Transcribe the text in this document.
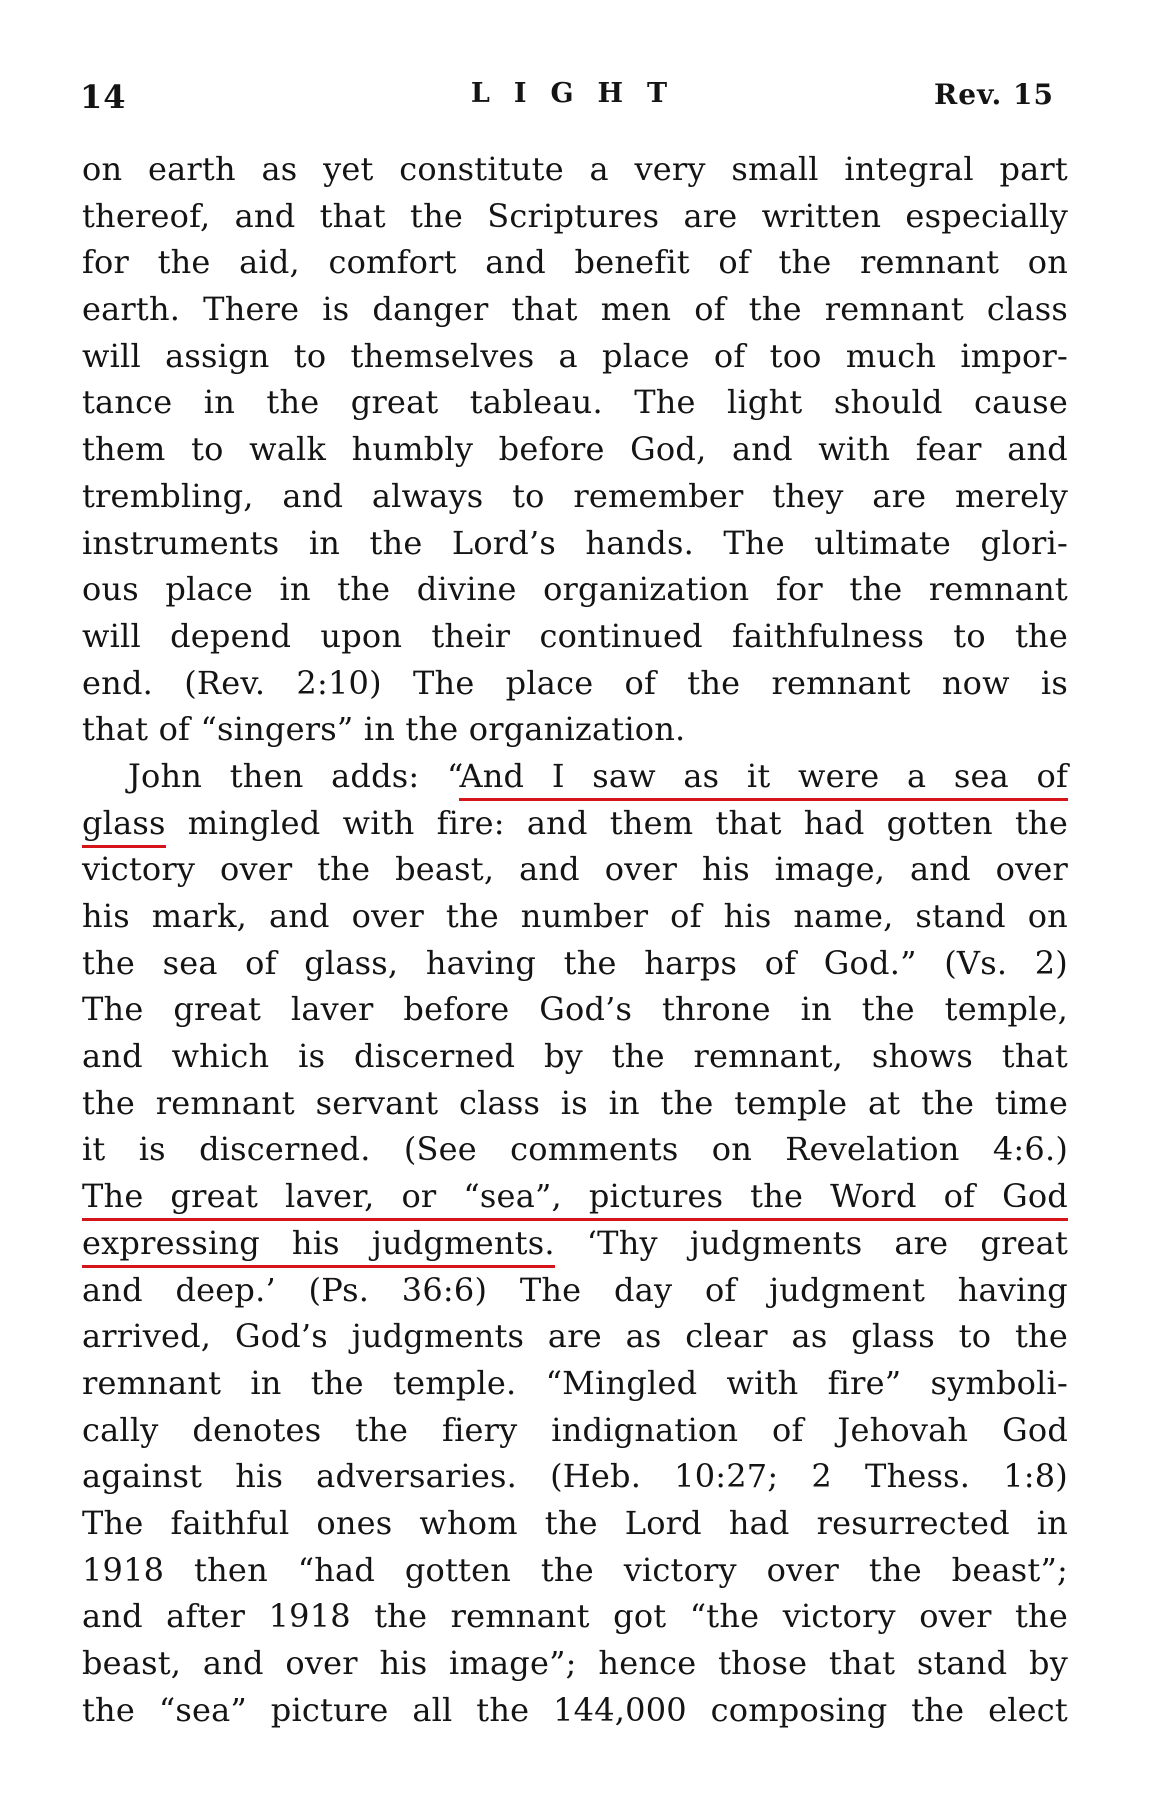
14	LIGHT	Rev. 15
on earth as yet constitute a very small integral part
thereof, and that the Scriptures are written especially
for the aid, comfort and benefit of the remnant on
earth. There is danger that men of the remnant class
will assign to themselves a place of too much impor-
tance in the great tableau. The light should cause
them to walk humbly before God, and with fear and
trembling, and always to remember they are merely
instruments in the Lord’s hands. The ultimate glori-
ous place in the divine organization for the remnant
will depend upon their continued faithfulness to the
end. (Rev. 2:10) The place of the remnant now is
that of “singers” in the organization.
John then adds: “And I saw as it were a sea of
glass mingled with fire: and them that had gotten the
victory over the beast, and over his image, and over
his mark, and over the number of his name, stand on
the sea of glass, having the harps of God.” (Vs. 2)
The great laver before God’s throne in the temple,
and which is discerned by the remnant, shows that
the remnant servant class is in the temple at the time
it is discerned. (See comments on Revelation 4:6.)
The great laver, or “sea”, pictures the Word of God
expressing his judgments. ‘Thy judgments are great
and deep.’ (Ps. 36:6) The day of judgment having
arrived, God’s judgments are as clear as glass to the
remnant in the temple. “Mingled with fire” symboli-
cally denotes the fiery indignation of Jehovah God
against his adversaries. (Heb. 10:27; 2 Thess. 1:8)
The faithful ones whom the Lord had resurrected in
1918 then “had gotten the victory over the beast”;
and after 1918 the remnant got “the victory over the
beast, and over his image”; hence those that stand by
the “sea” picture all the 144,000 composing the elect
